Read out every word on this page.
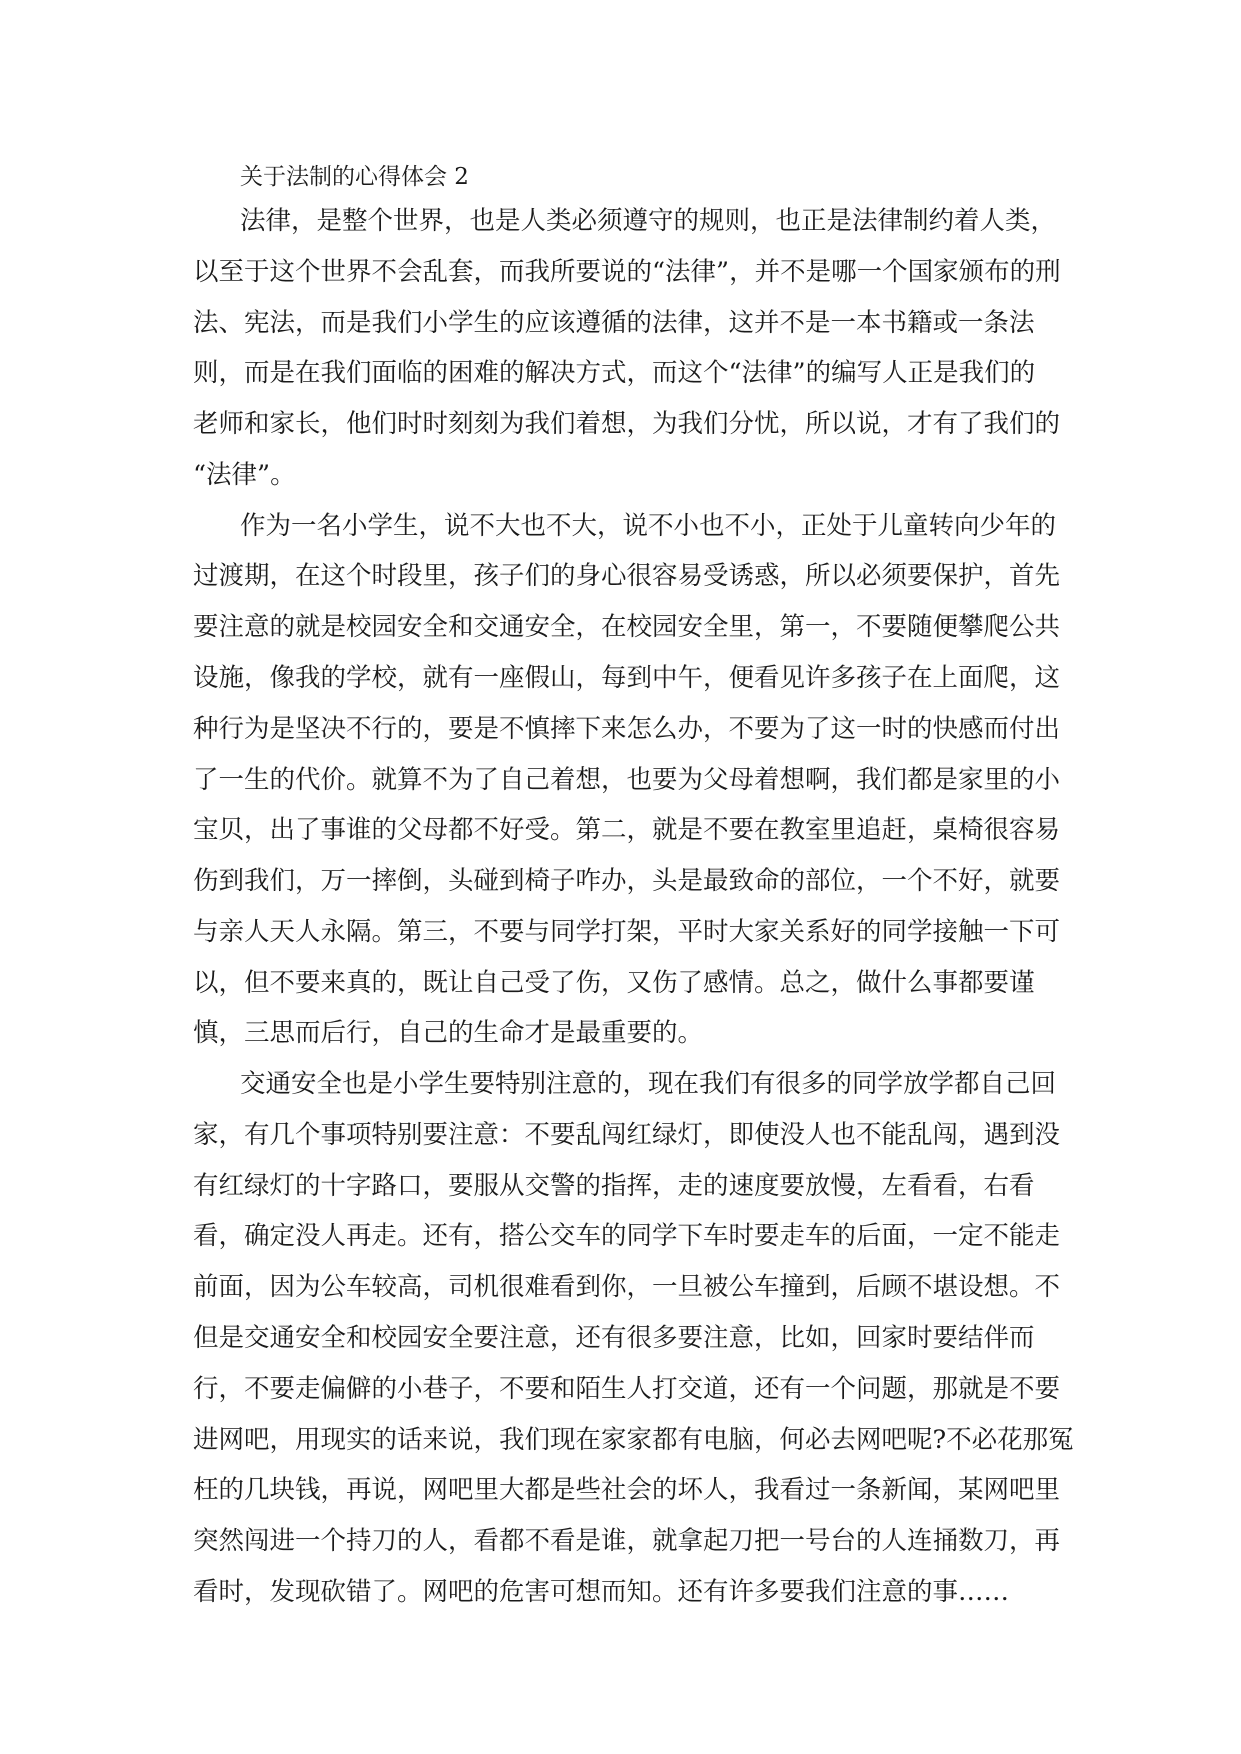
关于法制的心得体会 2
法律，是整个世界，也是人类必须遵守的规则，也正是法律制约着人类，
以至于这个世界不会乱套，而我所要说的“法律”，并不是哪一个国家颁布的刑
法、宪法，而是我们小学生的应该遵循的法律，这并不是一本书籍或一条法
则，而是在我们面临的困难的解决方式，而这个“法律”的编写人正是我们的
老师和家长，他们时时刻刻为我们着想，为我们分忧，所以说，才有了我们的
“法律”。
作为一名小学生，说不大也不大，说不小也不小，正处于儿童转向少年的
过渡期，在这个时段里，孩子们的身心很容易受诱惑，所以必须要保护，首先
要注意的就是校园安全和交通安全，在校园安全里，第一，不要随便攀爬公共
设施，像我的学校，就有一座假山，每到中午，便看见许多孩子在上面爬，这
种行为是坚决不行的，要是不慎摔下来怎么办，不要为了这一时的快感而付出
了一生的代价。就算不为了自己着想，也要为父母着想啊，我们都是家里的小
宝贝，出了事谁的父母都不好受。第二，就是不要在教室里追赶，桌椅很容易
伤到我们，万一摔倒，头碰到椅子咋办，头是最致命的部位，一个不好，就要
与亲人天人永隔。第三，不要与同学打架，平时大家关系好的同学接触一下可
以，但不要来真的，既让自己受了伤，又伤了感情。总之，做什么事都要谨
慎，三思而后行，自己的生命才是最重要的。
交通安全也是小学生要特别注意的，现在我们有很多的同学放学都自己回
家，有几个事项特别要注意：不要乱闯红绿灯，即使没人也不能乱闯，遇到没
有红绿灯的十字路口，要服从交警的指挥，走的速度要放慢，左看看，右看
看，确定没人再走。还有，搭公交车的同学下车时要走车的后面，一定不能走
前面，因为公车较高，司机很难看到你，一旦被公车撞到，后顾不堪设想。不
但是交通安全和校园安全要注意，还有很多要注意，比如，回家时要结伴而
行，不要走偏僻的小巷子，不要和陌生人打交道，还有一个问题，那就是不要
进网吧，用现实的话来说，我们现在家家都有电脑，何必去网吧呢?不必花那冤
枉的几块钱，再说，网吧里大都是些社会的坏人，我看过一条新闻，某网吧里
突然闯进一个持刀的人，看都不看是谁，就拿起刀把一号台的人连捅数刀，再
看时，发现砍错了。网吧的危害可想而知。还有许多要我们注意的事……
